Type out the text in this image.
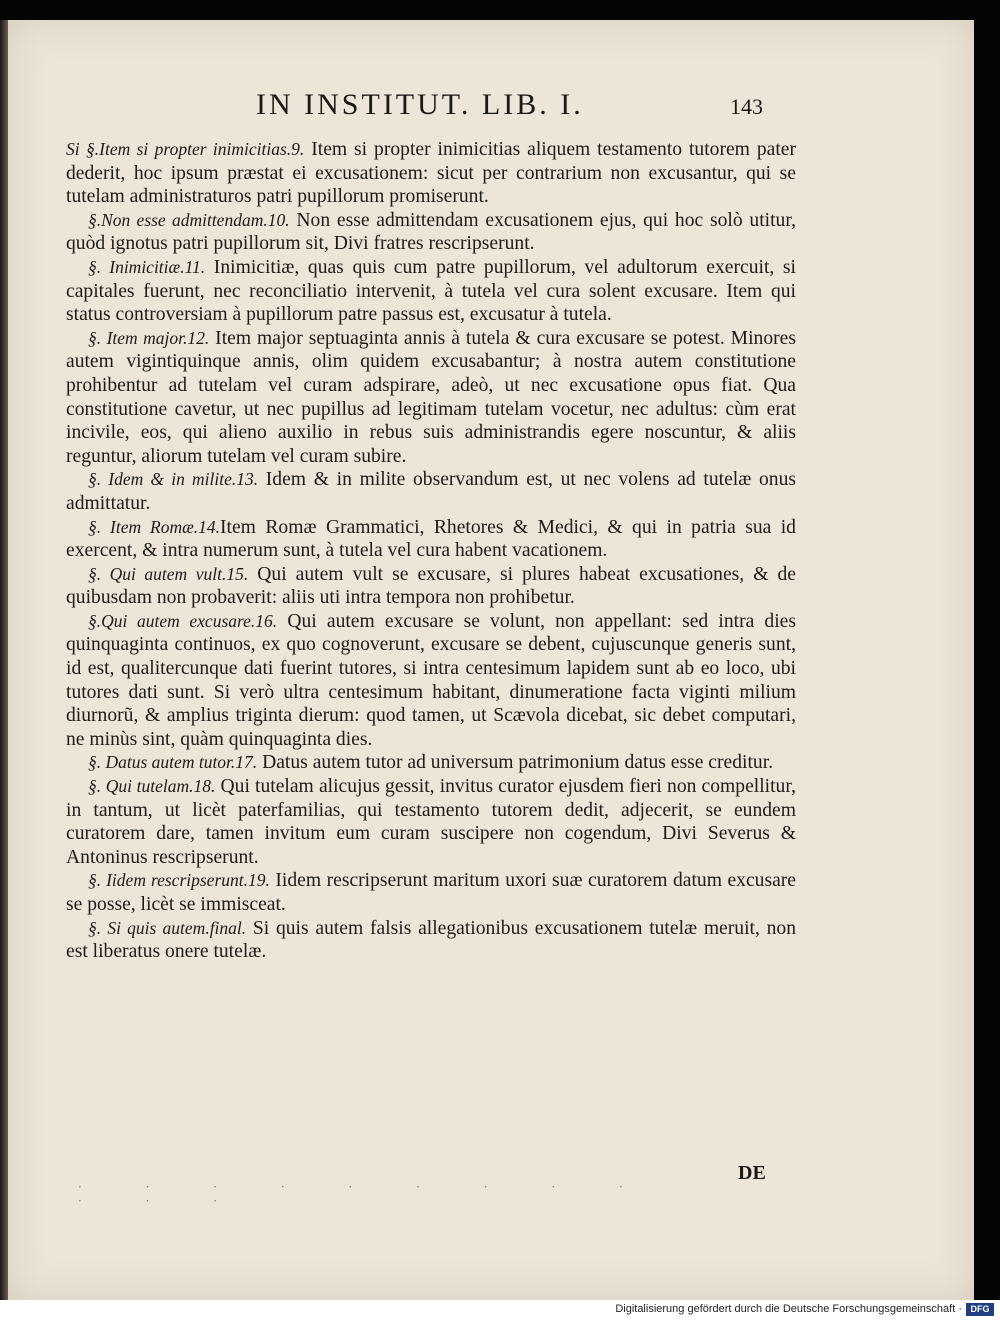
IN INSTITUT. LIB. I.	143

Si §.Item si propter inimicitias.9. Item si propter inimicitias aliquem testamento tutorem pater dederit, hoc ipsum præstat ei excusationem: sicut per contrarium non excusantur, qui se tutelam administraturos patri pupillorum promiserunt.

§.Non esse admittendam.10. Non esse admittendam excusationem ejus, qui hoc solò utitur, quòd ignotus patri pupillorum sit, Divi fratres rescripserunt.

§. Inimicitiæ.11. Inimicitiæ, quas quis cum patre pupillorum, vel adultorum exercuit, si capitales fuerunt, nec reconciliatio intervenit, à tutela vel cura solent excusare. Item qui status controversiam à pupillorum patre passus est, excusatur à tutela.

§. Item major.12. Item major septuaginta annis à tutela & cura excusare se potest. Minores autem vigintiquinque annis, olim quidem excusabantur; à nostra autem constitutione prohibentur ad tutelam vel curam adspirare, adeò, ut nec excusatione opus fiat. Qua constitutione cavetur, ut nec pupillus ad legitimam tutelam vocetur, nec adultus: cùm erat incivile, eos, qui alieno auxilio in rebus suis administrandis egere noscuntur, & aliis reguntur, aliorum tutelam vel curam subire.

§. Idem & in milite.13. Idem & in milite observandum est, ut nec volens ad tutelæ onus admittatur.

§. Item Romæ.14.Item Romæ Grammatici, Rhetores & Medici, & qui in patria sua id exercent, & intra numerum sunt, à tutela vel cura habent vacationem.

§. Qui autem vult.15. Qui autem vult se excusare, si plures habeat excusationes, & de quibusdam non probaverit: aliis uti intra tempora non prohibetur.

§.Qui autem excusare.16. Qui autem excusare se volunt, non appellant: sed intra dies quinquaginta continuos, ex quo cognoverunt, excusare se debent, cujuscunque generis sunt, id est, qualitercunque dati fuerint tutores, si intra centesimum lapidem sunt ab eo loco, ubi tutores dati sunt. Si verò ultra centesimum habitant, dinumeratione facta viginti milium diurnorũ, & amplius triginta dierum: quod tamen, ut Scævola dicebat, sic debet computari, ne minùs sint, quàm quinquaginta dies.

§. Datus autem tutor.17. Datus autem tutor ad universum patrimonium datus esse creditur.

§. Qui tutelam.18. Qui tutelam alicujus gessit, invitus curator ejusdem fieri non compellitur, in tantum, ut licèt paterfamilias, qui testamento tutorem dedit, adjecerit, se eundem curatorem dare, tamen invitum eum curam suscipere non cogendum, Divi Severus & Antoninus rescripserunt.

§. Iidem rescripserunt.19. Iidem rescripserunt maritum uxori suæ curatorem datum excusare se posse, licèt se immisceat.

§. Si quis autem.final. Si quis autem falsis allegationibus excusationem tutelæ meruit, non est liberatus onere tutelæ.

· · · · · · · · · · · ·
DE
Digitalisierung gefördert durch die Deutsche Forschungsgemeinschaft · DFG
